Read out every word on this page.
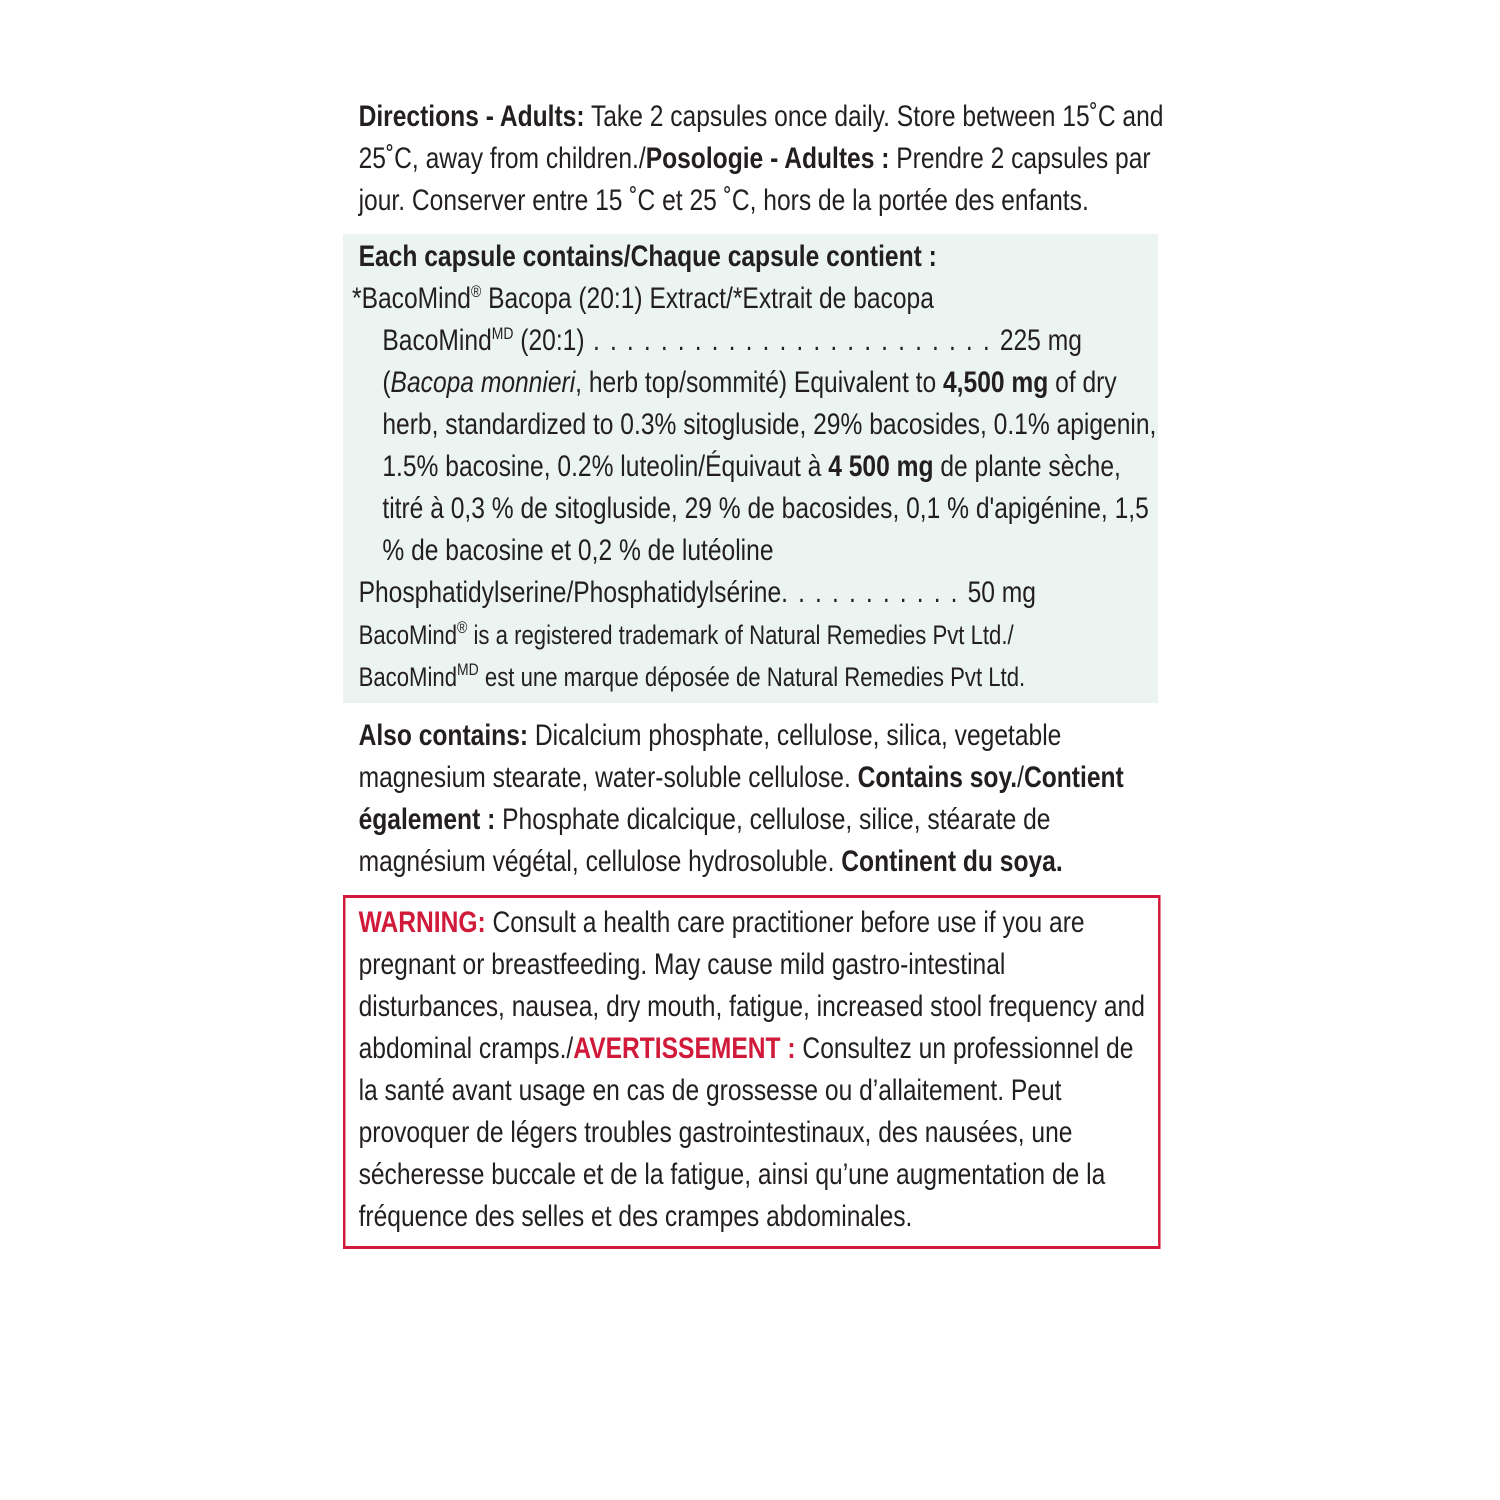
Directions - Adults: Take 2 capsules once daily. Store between 15˚C and 25˚C, away from children./Posologie - Adultes : Prendre 2 capsules par jour. Conserver entre 15 ˚C et 25 ˚C, hors de la portée des enfants.
Each capsule contains/Chaque capsule contient :
*BacoMind® Bacopa (20:1) Extract/*Extrait de bacopa
BacoMind$^{MD}$ (20:1) . . . . . . . . . . . . . . . . . . . . . . . . 225 mg
(Bacopa monnieri, herb top/sommité) Equivalent to 4,500 mg of dry herb, standardized to 0.3% sitogluside, 29% bacosides, 0.1% apigenin, 1.5% bacosine, 0.2% luteolin/Équivaut à 4 500 mg de plante sèche, titré à 0,3 % de sitogluside, 29 % de bacosides, 0,1 % d'apigénine, 1,5 % de bacosine et 0,2 % de lutéoline
Phosphatidylserine/Phosphatidylsérine. . . . . . . . . . . 50 mg
BacoMind® is a registered trademark of Natural Remedies Pvt Ltd./
BacoMind$^{MD}$ est une marque déposée de Natural Remedies Pvt Ltd.
Also contains: Dicalcium phosphate, cellulose, silica, vegetable magnesium stearate, water-soluble cellulose. Contains soy./Contient également : Phosphate dicalcique, cellulose, silice, stéarate de magnésium végétal, cellulose hydrosoluble. Continent du soya.
WARNING: Consult a health care practitioner before use if you are pregnant or breastfeeding. May cause mild gastro-intestinal disturbances, nausea, dry mouth, fatigue, increased stool frequency and abdominal cramps./AVERTISSEMENT : Consultez un professionnel de la santé avant usage en cas de grossesse ou d’allaitement. Peut provoquer de légers troubles gastrointestinaux, des nausées, une sécheresse buccale et de la fatigue, ainsi qu’une augmentation de la fréquence des selles et des crampes abdominales.
